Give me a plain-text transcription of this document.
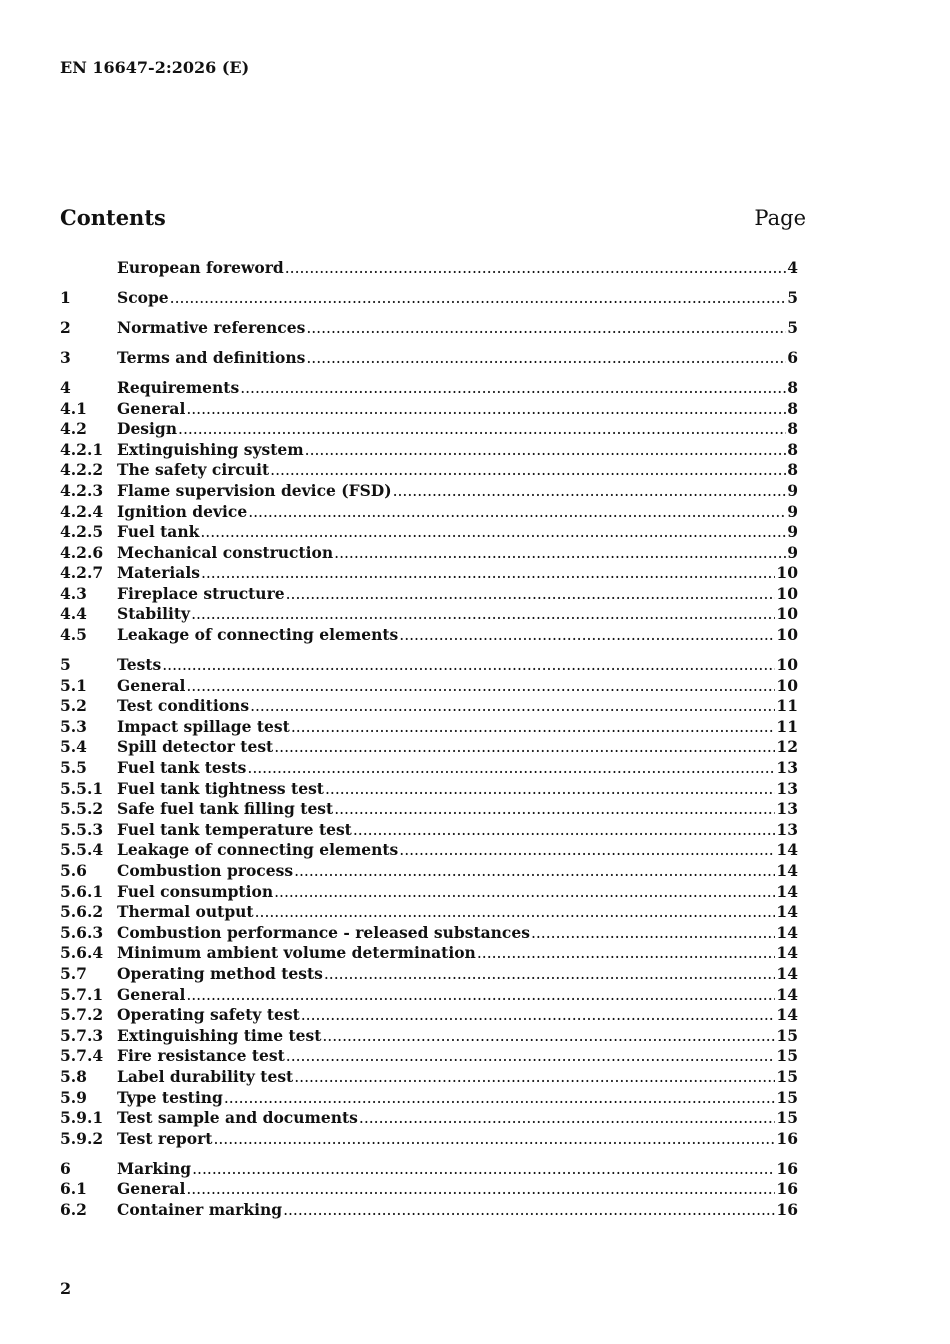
EN 16647-2:2026 (E)
Contents	Page
European foreword .....	4
1	Scope .....	5
2	Normative references .....	5
3	Terms and definitions .....	6
4	Requirements .....	8
4.1	General .....	8
4.2	Design .....	8
4.2.1 Extinguishing system .....	8
4.2.2 The safety circuit .....	8
4.2.3 Flame supervision device (FSD) .....	9
4.2.4 Ignition device .....	9
4.2.5 Fuel tank .....	9
4.2.6 Mechanical construction .....	9
4.2.7 Materials .....	10
4.3	Fireplace structure .....	10
4.4	Stability .....	10
4.5	Leakage of connecting elements .....	10
5	Tests .....	10
5.1	General .....	10
5.2	Test conditions .....	11
5.3	Impact spillage test .....	11
5.4	Spill detector test .....	12
5.5	Fuel tank tests .....	13
5.5.1 Fuel tank tightness test .....	13
5.5.2 Safe fuel tank filling test .....	13
5.5.3 Fuel tank temperature test .....	13
5.5.4 Leakage of connecting elements .....	14
5.6	Combustion process .....	14
5.6.1 Fuel consumption .....	14
5.6.2 Thermal output .....	14
5.6.3 Combustion performance - released substances .....	14
5.6.4 Minimum ambient volume determination .....	14
5.7	Operating method tests .....	14
5.7.1 General .....	14
5.7.2 Operating safety test .....	14
5.7.3 Extinguishing time test .....	15
5.7.4 Fire resistance test .....	15
5.8	Label durability test .....	15
5.9	Type testing .....	15
5.9.1 Test sample and documents .....	15
5.9.2 Test report .....	16
6	Marking .....	16
6.1	General .....	16
6.2	Container marking .....	16
2
